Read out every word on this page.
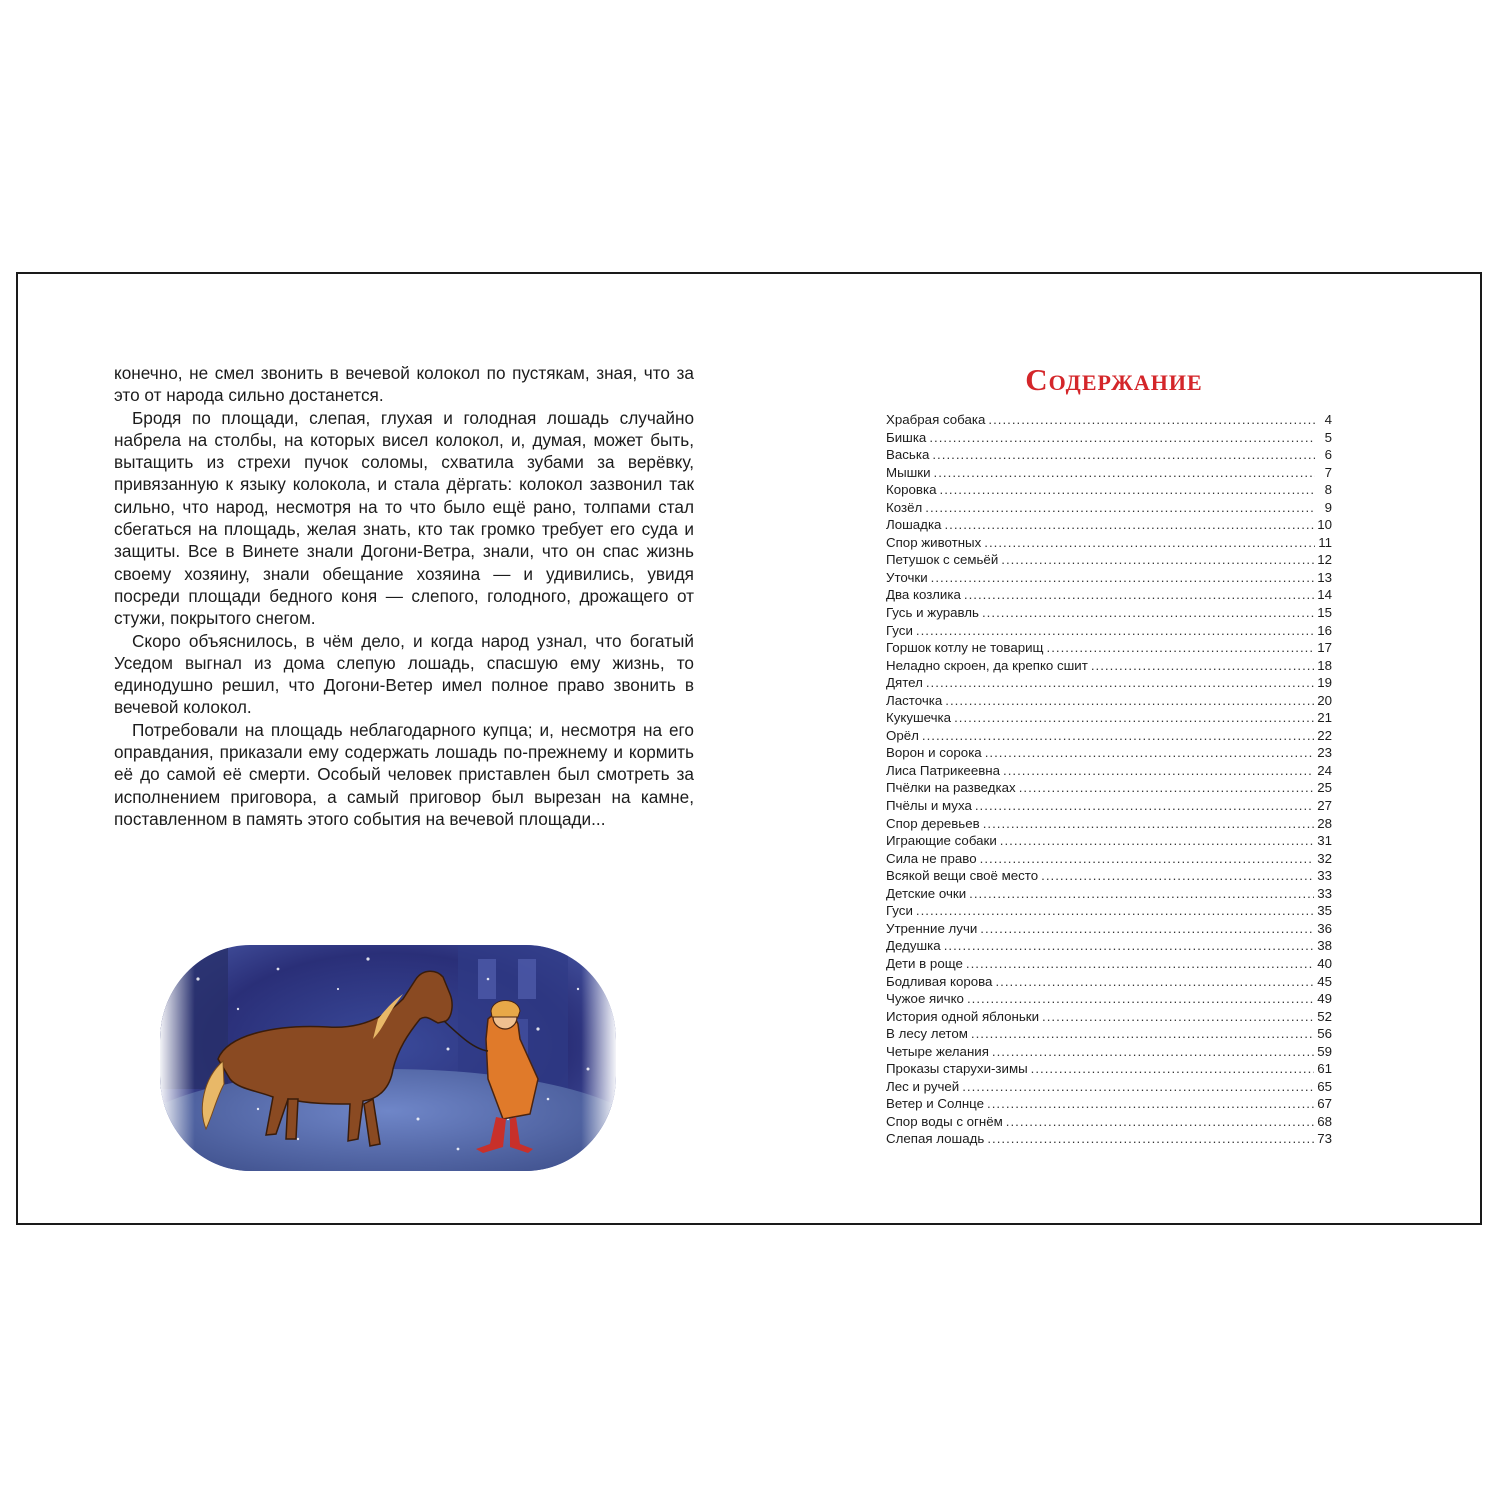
конечно, не смел звонить в вечевой колокол по пустякам, зная, что за это от народа сильно достанется.

Бродя по площади, слепая, глухая и голодная лошадь случайно набрела на столбы, на которых висел колокол, и, думая, может быть, вытащить из стрехи пучок соломы, схватила зубами за верёвку, привязанную к языку колокола, и стала дёргать: колокол зазвонил так сильно, что народ, несмотря на то что было ещё рано, толпами стал сбегаться на площадь, желая знать, кто так громко требует его суда и защиты. Все в Винете знали Догони-Ветра, знали, что он спас жизнь своему хозяину, знали обещание хозяина — и удивились, увидя посреди площади бедного коня — слепого, голодного, дрожащего от стужи, покрытого снегом.

Скоро объяснилось, в чём дело, и когда народ узнал, что богатый Уседом выгнал из дома слепую лошадь, спасшую ему жизнь, то единодушно решил, что Догони-Ветер имел полное право звонить в вечевой колокол.

Потребовали на площадь неблагодарного купца; и, несмотря на его оправдания, приказали ему содержать лошадь по-прежнему и кормить её до самой её смерти. Особый человек приставлен был смотреть за исполнением приговора, а самый приговор был вырезан на камне, поставленном в память этого события на вечевой площади...

Содержание
Храбрая собака .....	4
Бишка .....	5
Васька .....	6
Мышки .....	7
Коровка .....	8
Козёл .....	9
Лошадка .....	10
Спор животных .....	11
Петушок с семьёй .....	12
Уточки .....	13
Два козлика .....	14
Гусь и журавль .....	15
Гуси .....	16
Горшок котлу не товарищ .....	17
Неладно скроен, да крепко сшит .....	18
Дятел .....	19
Ласточка .....	20
Кукушечка .....	21
Орёл .....	22
Ворон и сорока .....	23
Лиса Патрикеевна .....	24
Пчёлки на разведках .....	25
Пчёлы и муха .....	27
Спор деревьев .....	28
Играющие собаки .....	31
Сила не право .....	32
Всякой вещи своё место .....	33
Детские очки .....	33
Гуси .....	35
Утренние лучи .....	36
Дедушка .....	38
Дети в роще .....	40
Бодливая корова .....	45
Чужое яичко .....	49
История одной яблоньки .....	52
В лесу летом .....	56
Четыре желания .....	59
Проказы старухи-зимы .....	61
Лес и ручей .....	65
Ветер и Солнце .....	67
Спор воды с огнём .....	68
Слепая лошадь .....	73
